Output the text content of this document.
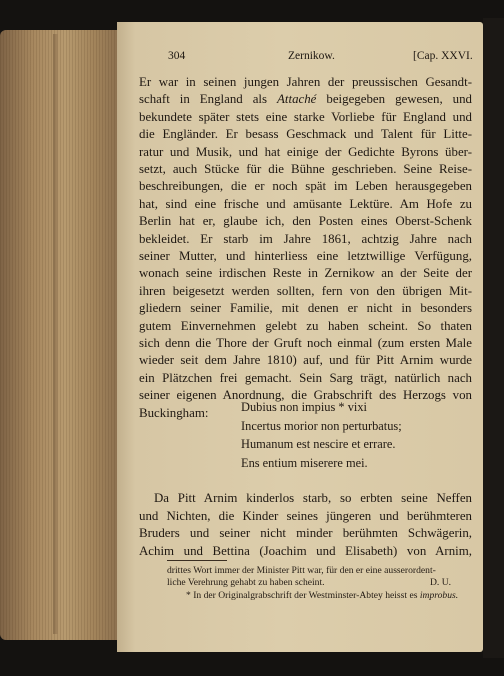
304	Zernikow.	[Cap. XXVI.
Er war in seinen jungen Jahren der preussischen Gesandt-
schaft in England als Attaché beigegeben gewesen, und
bekundete später stets eine starke Vorliebe für England und
die Engländer. Er besass Geschmack und Talent für Litte-
ratur und Musik, und hat einige der Gedichte Byrons über-
setzt, auch Stücke für die Bühne geschrieben. Seine Reise-
beschreibungen, die er noch spät im Leben herausgegeben
hat, sind eine frische und amüsante Lektüre. Am Hofe zu
Berlin hat er, glaube ich, den Posten eines Oberst-Schenk
bekleidet. Er starb im Jahre 1861, achtzig Jahre nach
seiner Mutter, und hinterliess eine letztwillige Verfügung,
wonach seine irdischen Reste in Zernikow an der Seite der
ihren beigesetzt werden sollten, fern von den übrigen Mit-
gliedern seiner Familie, mit denen er nicht in besonders
gutem Einvernehmen gelebt zu haben scheint. So thaten
sich denn die Thore der Gruft noch einmal (zum ersten Male
wieder seit dem Jahre 1810) auf, und für Pitt Arnim wurde
ein Plätzchen frei gemacht. Sein Sarg trägt, natürlich nach
seiner eigenen Anordnung, die Grabschrift des Herzogs von
Buckingham:	Dubius non impius * vixi
Incertus morior non perturbatus;
Humanum est nescire et errare.
Ens entium miserere mei.
Da Pitt Arnim kinderlos starb, so erbten seine Neffen
und Nichten, die Kinder seines jüngeren und berühmteren
Bruders und seiner nicht minder berühmten Schwägerin,
Achim und Bettina (Joachim und Elisabeth) von Arnim,
drittes Wort immer der Minister Pitt war, für den er eine ausserordent-
liche Verehrung gehabt zu haben scheint.	D. U.
* In der Originalgrabschrift der Westminster-Abtey heisst es improbus.
